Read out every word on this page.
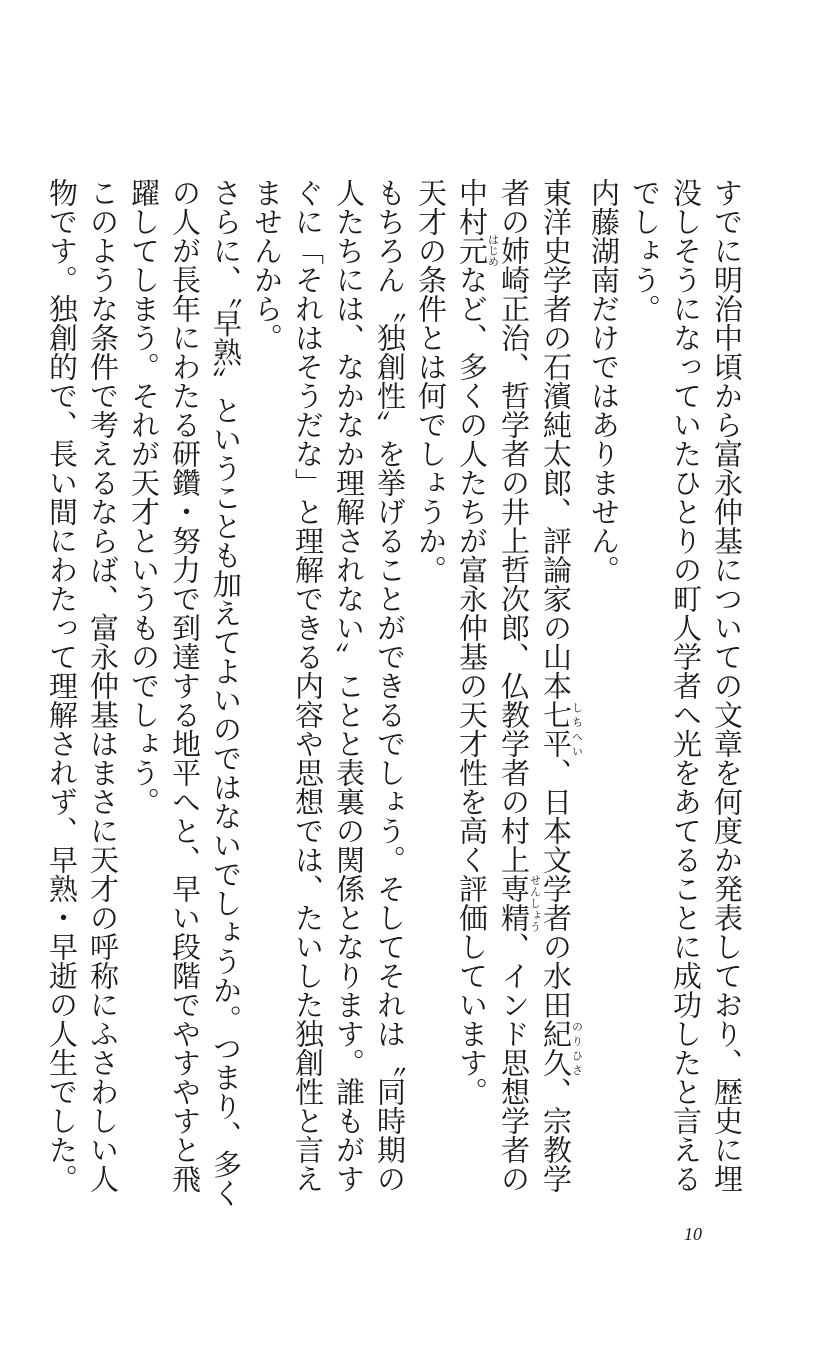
すでに明治中頃から富永仲基についての文章を何度か発表しており、歴史に埋没しそうになっていたひとりの町人学者へ光をあてることに成功したと言えるでしょう。

内藤湖南だけではありません。

東洋史学者の石濱純太郎、評論家の山本七平しちへい、日本文学者の水田紀久のりひさ、宗教学者の姉崎正治、哲学者の井上哲次郎、仏教学者の村上専精せんしょう、インド思想学者の中村元はじめなど、多くの人たちが富永仲基の天才性を高く評価しています。

天才の条件とは何でしょうか。

もちろん〝独創性〟を挙げることができるでしょう。そしてそれは〝同時期の人たちには、なかなか理解されない〟ことと表裏の関係となります。誰もがすぐに「それはそうだな」と理解できる内容や思想では、たいした独創性と言えませんから。

さらに、〝早熟〟ということも加えてよいのではないでしょうか。つまり、多くの人が長年にわたる研鑽・努力で到達する地平へと、早い段階でやすやすと飛躍してしまう。それが天才というものでしょう。

このような条件で考えるならば、富永仲基はまさに天才の呼称にふさわしい人物です。独創的で、長い間にわたって理解されず、早熟・早逝の人生でした。

10
